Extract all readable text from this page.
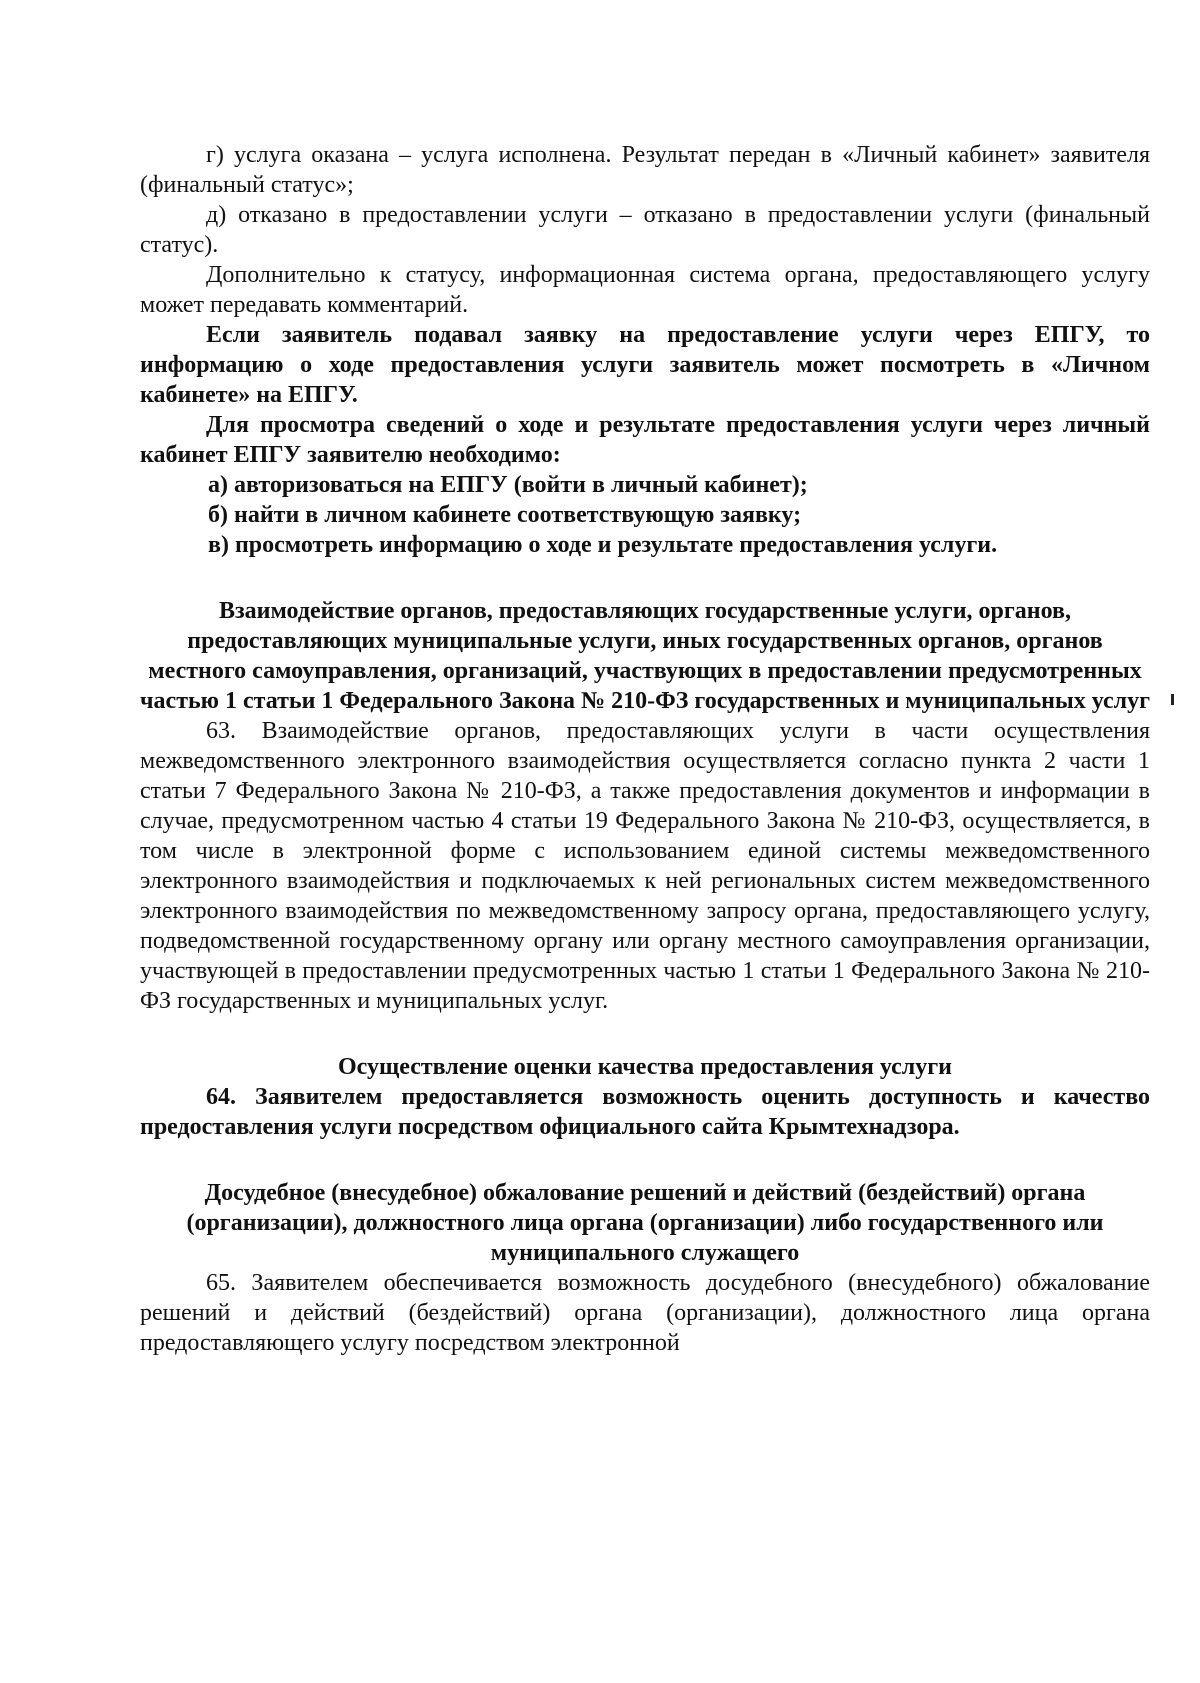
г) услуга оказана – услуга исполнена. Результат передан в «Личный кабинет» заявителя (финальный статус»;

д) отказано в предоставлении услуги – отказано в предоставлении услуги (финальный статус).

Дополнительно к статусу, информационная система органа, предоставляющего услугу может передавать комментарий.

Если заявитель подавал заявку на предоставление услуги через ЕПГУ, то информацию о ходе предоставления услуги заявитель может посмотреть в «Личном кабинете» на ЕПГУ.

Для просмотра сведений о ходе и результате предоставления услуги через личный кабинет ЕПГУ заявителю необходимо:

а) авторизоваться на ЕПГУ (войти в личный кабинет);

б) найти в личном кабинете соответствующую заявку;

в) просмотреть информацию о ходе и результате предоставления услуги.

Взаимодействие органов, предоставляющих государственные услуги, органов, предоставляющих муниципальные услуги, иных государственных органов, органов местного самоуправления, организаций, участвующих в предоставлении предусмотренных частью 1 статьи 1 Федерального Закона № 210-ФЗ государственных и муниципальных услуг

63. Взаимодействие органов, предоставляющих услуги в части осуществления межведомственного электронного взаимодействия осуществляется согласно пункта 2 части 1 статьи 7 Федерального Закона № 210-ФЗ, а также предоставления документов и информации в случае, предусмотренном частью 4 статьи 19 Федерального Закона № 210-ФЗ, осуществляется, в том числе в электронной форме с использованием единой системы межведомственного электронного взаимодействия и подключаемых к ней региональных систем межведомственного электронного взаимодействия по межведомственному запросу органа, предоставляющего услугу, подведомственной государственному органу или органу местного самоуправления организации, участвующей в предоставлении предусмотренных частью 1 статьи 1 Федерального Закона № 210-ФЗ государственных и муниципальных услуг.

Осуществление оценки качества предоставления услуги

64. Заявителем предоставляется возможность оценить доступность и качество предоставления услуги посредством официального сайта Крымтехнадзора.

Досудебное (внесудебное) обжалование решений и действий (бездействий) органа (организации), должностного лица органа (организации) либо государственного или муниципального служащего

65. Заявителем обеспечивается возможность досудебного (внесудебного) обжалование решений и действий (бездействий) органа (организации), должностного лица органа предоставляющего услугу посредством электронной
